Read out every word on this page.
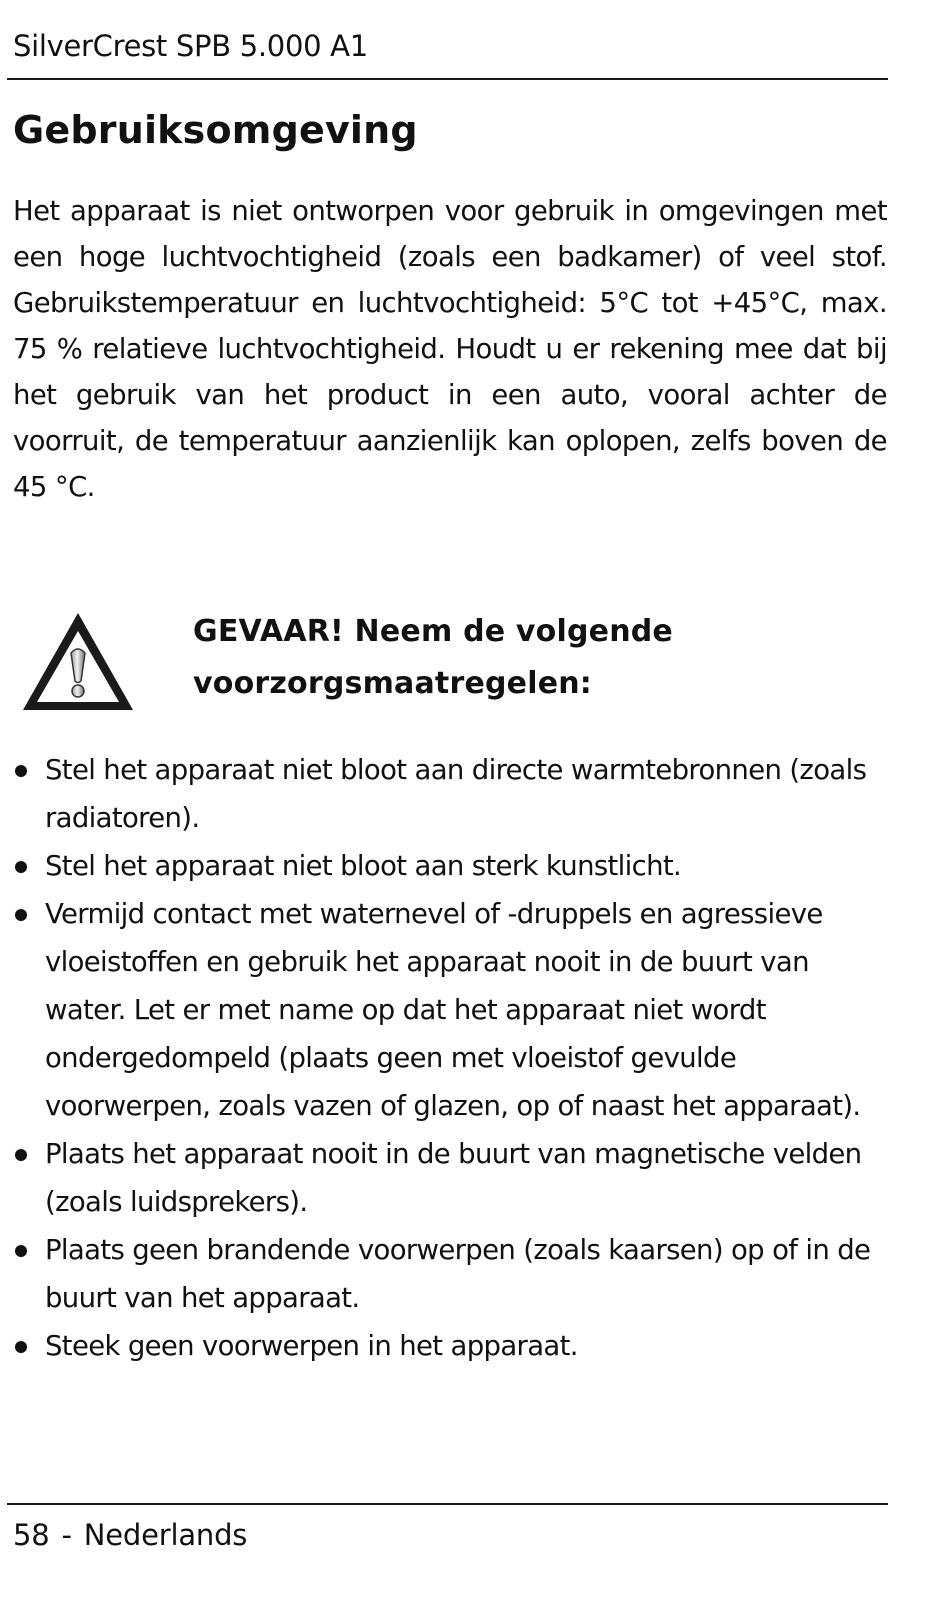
SilverCrest SPB 5.000 A1
Gebruiksomgeving

Het apparaat is niet ontworpen voor gebruik in omgevingen met een hoge luchtvochtigheid (zoals een badkamer) of veel stof. Gebruikstemperatuur en luchtvochtigheid: 5°C tot +45°C, max. 75 % relatieve luchtvochtigheid. Houdt u er rekening mee dat bij het gebruik van het product in een auto, vooral achter de voorruit, de temperatuur aanzienlijk kan oplopen, zelfs boven de 45 °C.

GEVAAR! Neem de volgende
voorzorgsmaatregelen:
Stel het apparaat niet bloot aan directe warmtebronnen (zoals radiatoren).
Stel het apparaat niet bloot aan sterk kunstlicht.
Vermijd contact met waternevel of -druppels en agressieve vloeistoffen en gebruik het apparaat nooit in de buurt van water. Let er met name op dat het apparaat niet wordt ondergedompeld (plaats geen met vloeistof gevulde voorwerpen, zoals vazen of glazen, op of naast het apparaat).
Plaats het apparaat nooit in de buurt van magnetische velden (zoals luidsprekers).
Plaats geen brandende voorwerpen (zoals kaarsen) op of in de buurt van het apparaat.
Steek geen voorwerpen in het apparaat.
58 - Nederlands
